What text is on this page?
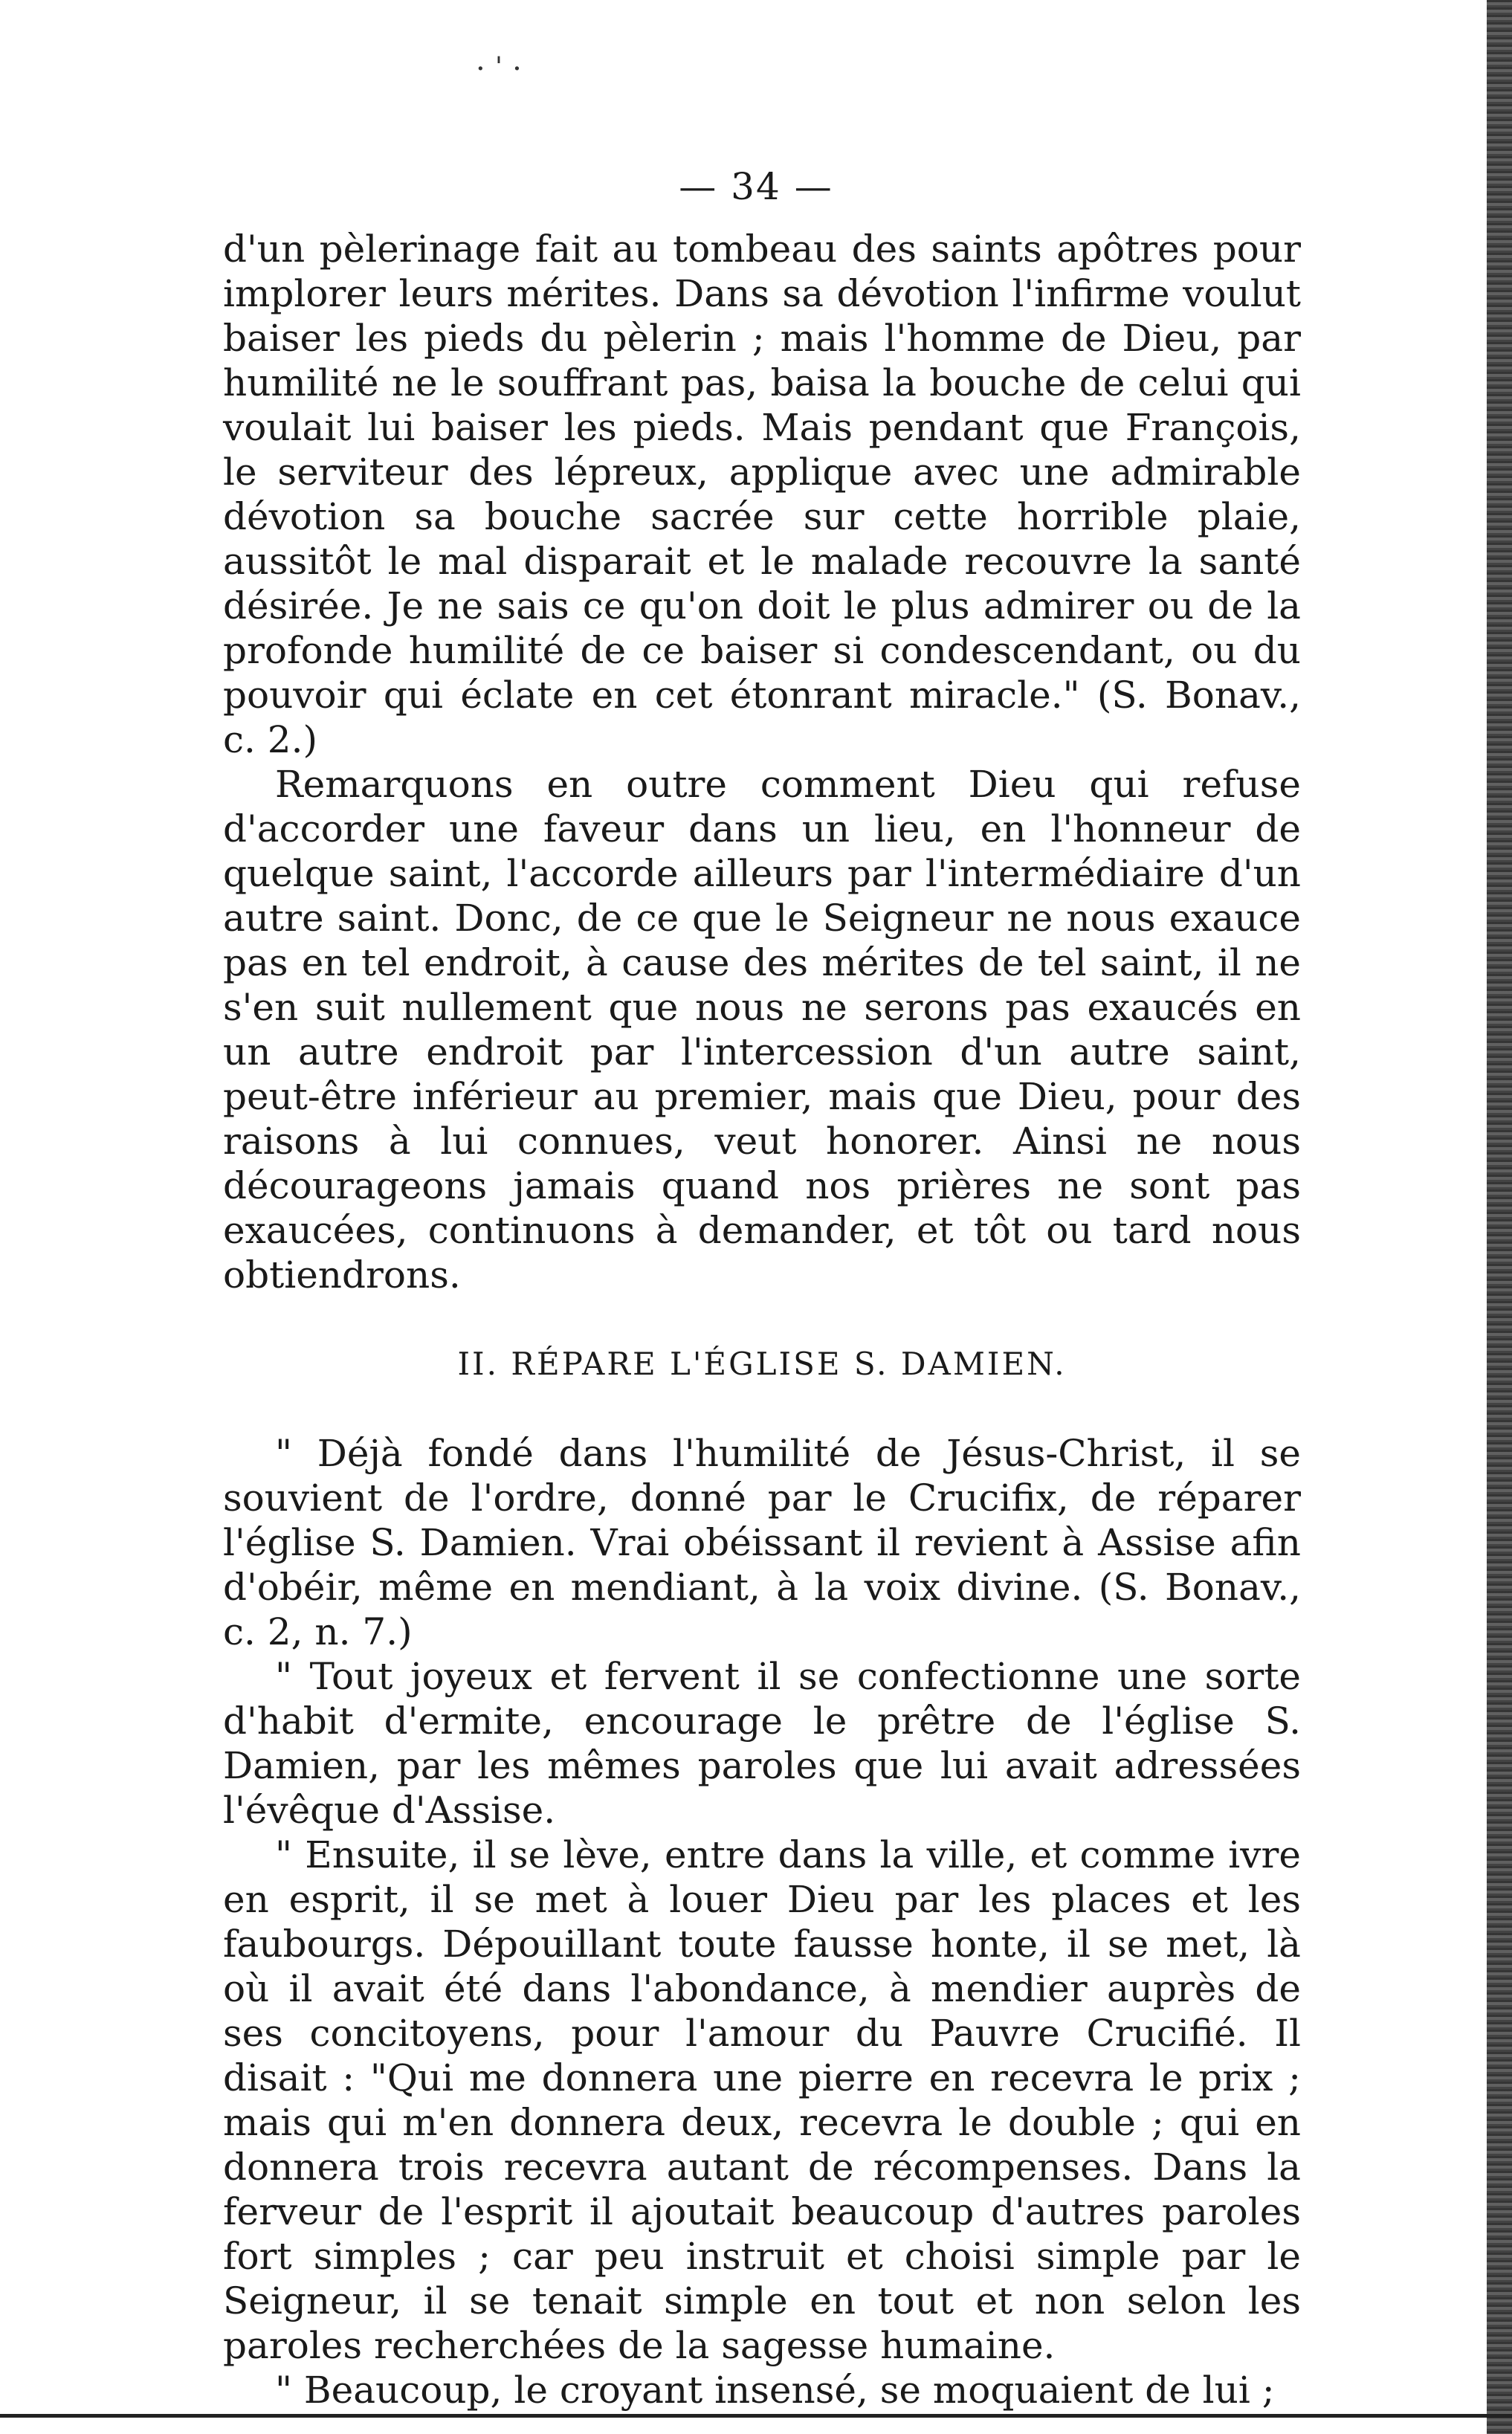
· ˈ ·
— 34 —

d'un pèlerinage fait au tombeau des saints apôtres pour implorer leurs mérites. Dans sa dévotion l'infirme voulut baiser les pieds du pèlerin ; mais l'homme de Dieu, par humilité ne le souffrant pas, baisa la bouche de celui qui voulait lui baiser les pieds. Mais pendant que François, le serviteur des lépreux, applique avec une admirable dévotion sa bouche sacrée sur cette horrible plaie, aussitôt le mal disparait et le malade recouvre la santé désirée. Je ne sais ce qu'on doit le plus admirer ou de la profonde humilité de ce baiser si condescendant, ou du pouvoir qui éclate en cet étonrant miracle." (S. Bonav., c. 2.)

Remarquons en outre comment Dieu qui refuse d'accorder une faveur dans un lieu, en l'honneur de quelque saint, l'accorde ailleurs par l'intermédiaire d'un autre saint. Donc, de ce que le Seigneur ne nous exauce pas en tel endroit, à cause des mérites de tel saint, il ne s'en suit nullement que nous ne serons pas exaucés en un autre endroit par l'intercession d'un autre saint, peut-être inférieur au premier, mais que Dieu, pour des raisons à lui connues, veut honorer. Ainsi ne nous décourageons jamais quand nos prières ne sont pas exaucées, continuons à demander, et tôt ou tard nous obtiendrons.

II. RÉPARE L'ÉGLISE S. DAMIEN.

" Déjà fondé dans l'humilité de Jésus-Christ, il se souvient de l'ordre, donné par le Crucifix, de réparer l'église S. Damien. Vrai obéissant il revient à Assise afin d'obéir, même en mendiant, à la voix divine. (S. Bonav., c. 2, n. 7.)

" Tout joyeux et fervent il se confectionne une sorte d'habit d'ermite, encourage le prêtre de l'église S. Damien, par les mêmes paroles que lui avait adressées l'évêque d'Assise.

" Ensuite, il se lève, entre dans la ville, et comme ivre en esprit, il se met à louer Dieu par les places et les faubourgs. Dépouillant toute fausse honte, il se met, là où il avait été dans l'abondance, à mendier auprès de ses concitoyens, pour l'amour du Pauvre Crucifié. Il disait : "Qui me donnera une pierre en recevra le prix ; mais qui m'en donnera deux, recevra le double ; qui en donnera trois recevra autant de récompenses. Dans la ferveur de l'esprit il ajoutait beaucoup d'autres paroles fort simples ; car peu instruit et choisi simple par le Seigneur, il se tenait simple en tout et non selon les paroles recherchées de la sagesse humaine.

" Beaucoup, le croyant insensé, se moquaient de lui ;
